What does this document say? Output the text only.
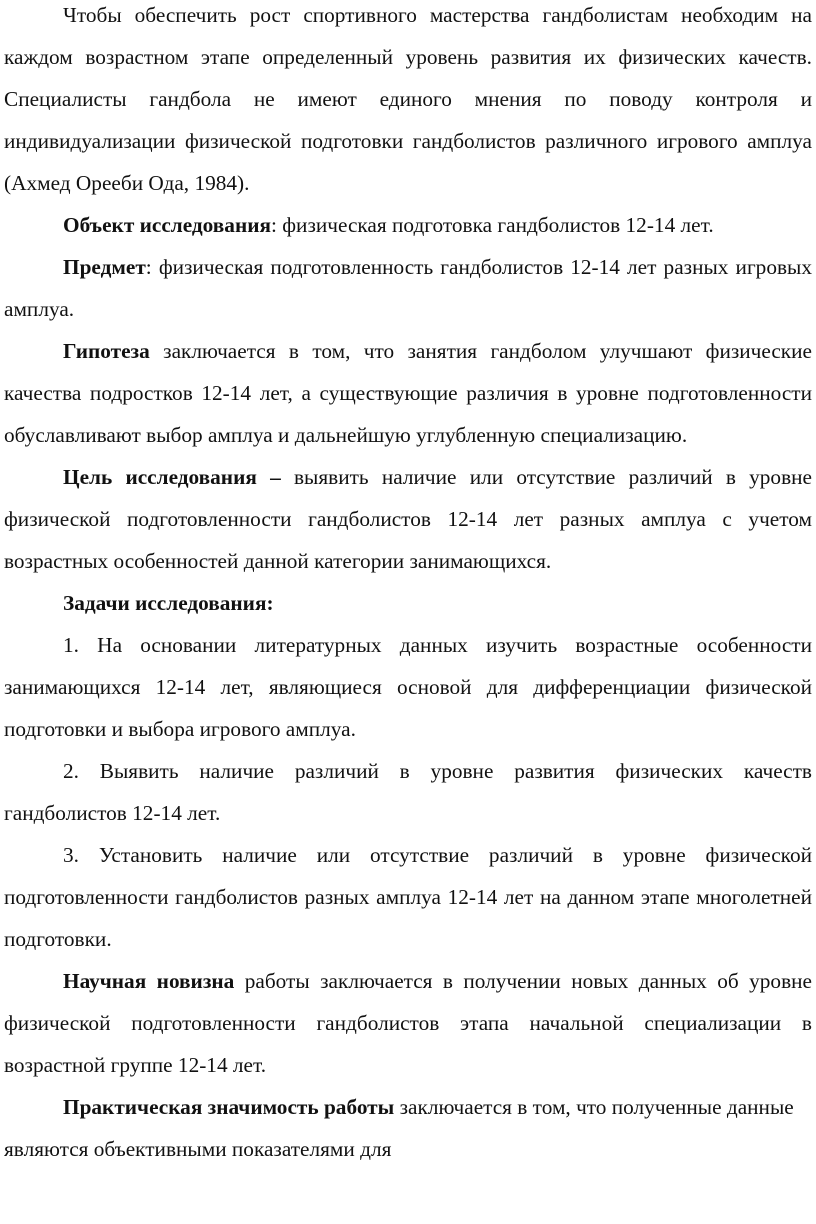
Чтобы обеспечить рост спортивного мастерства гандболистам необходим на каждом возрастном этапе определенный уровень развития их физических качеств. Специалисты гандбола не имеют единого мнения по поводу контроля и индивидуализации физической подготовки гандболистов различного игрового амплуа (Ахмед Орееби Ода, 1984).

Объект исследования: физическая подготовка гандболистов 12-14 лет.

Предмет: физическая подготовленность гандболистов 12-14 лет разных игровых амплуа.

Гипотеза заключается в том, что занятия гандболом улучшают физические качества подростков 12-14 лет, а существующие различия в уровне подготовленности обуславливают выбор амплуа и дальнейшую углубленную специализацию.

Цель исследования – выявить наличие или отсутствие различий в уровне физической подготовленности гандболистов 12-14 лет разных амплуа с учетом возрастных особенностей данной категории занимающихся.

Задачи исследования:

1. На основании литературных данных изучить возрастные особенности занимающихся 12-14 лет, являющиеся основой для дифференциации физической подготовки и выбора игрового амплуа.

2. Выявить наличие различий в уровне развития физических качеств гандболистов 12-14 лет.

3. Установить наличие или отсутствие различий в уровне физической подготовленности гандболистов разных амплуа 12-14 лет на данном этапе многолетней подготовки.

Научная новизна работы заключается в получении новых данных об уровне физической подготовленности гандболистов этапа начальной специализации в возрастной группе 12-14 лет.

Практическая значимость работы заключается в том, что полученные данные являются объективными показателями для
